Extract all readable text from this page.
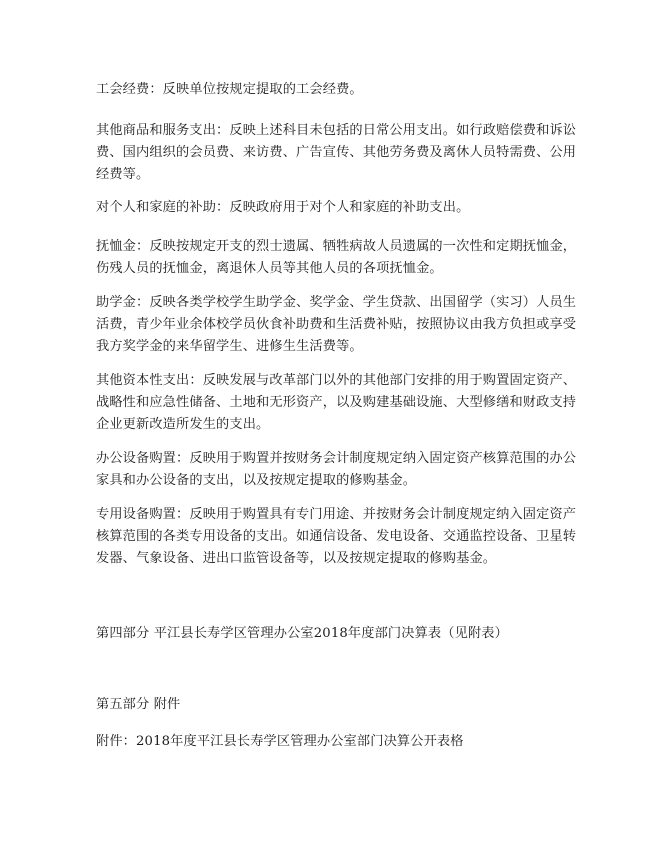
工会经费：反映单位按规定提取的工会经费。

其他商品和服务支出：反映上述科目未包括的日常公用支出。如行政赔偿费和诉讼
费、国内组织的会员费、来访费、广告宣传、其他劳务费及离休人员特需费、公用
经费等。

对个人和家庭的补助：反映政府用于对个人和家庭的补助支出。

抚恤金：反映按规定开支的烈士遗属、牺牲病故人员遗属的一次性和定期抚恤金，
伤残人员的抚恤金，离退休人员等其他人员的各项抚恤金。

助学金：反映各类学校学生助学金、奖学金、学生贷款、出国留学（实习）人员生
活费，青少年业余体校学员伙食补助费和生活费补贴，按照协议由我方负担或享受
我方奖学金的来华留学生、进修生生活费等。

其他资本性支出：反映发展与改革部门以外的其他部门安排的用于购置固定资产、
战略性和应急性储备、土地和无形资产，以及购建基础设施、大型修缮和财政支持
企业更新改造所发生的支出。

办公设备购置：反映用于购置并按财务会计制度规定纳入固定资产核算范围的办公
家具和办公设备的支出，以及按规定提取的修购基金。

专用设备购置：反映用于购置具有专门用途、并按财务会计制度规定纳入固定资产
核算范围的各类专用设备的支出。如通信设备、发电设备、交通监控设备、卫星转
发器、气象设备、进出口监管设备等，以及按规定提取的修购基金。

第四部分 平江县长寿学区管理办公室2018年度部门决算表（见附表）

第五部分 附件

附件：2018年度平江县长寿学区管理办公室部门决算公开表格
